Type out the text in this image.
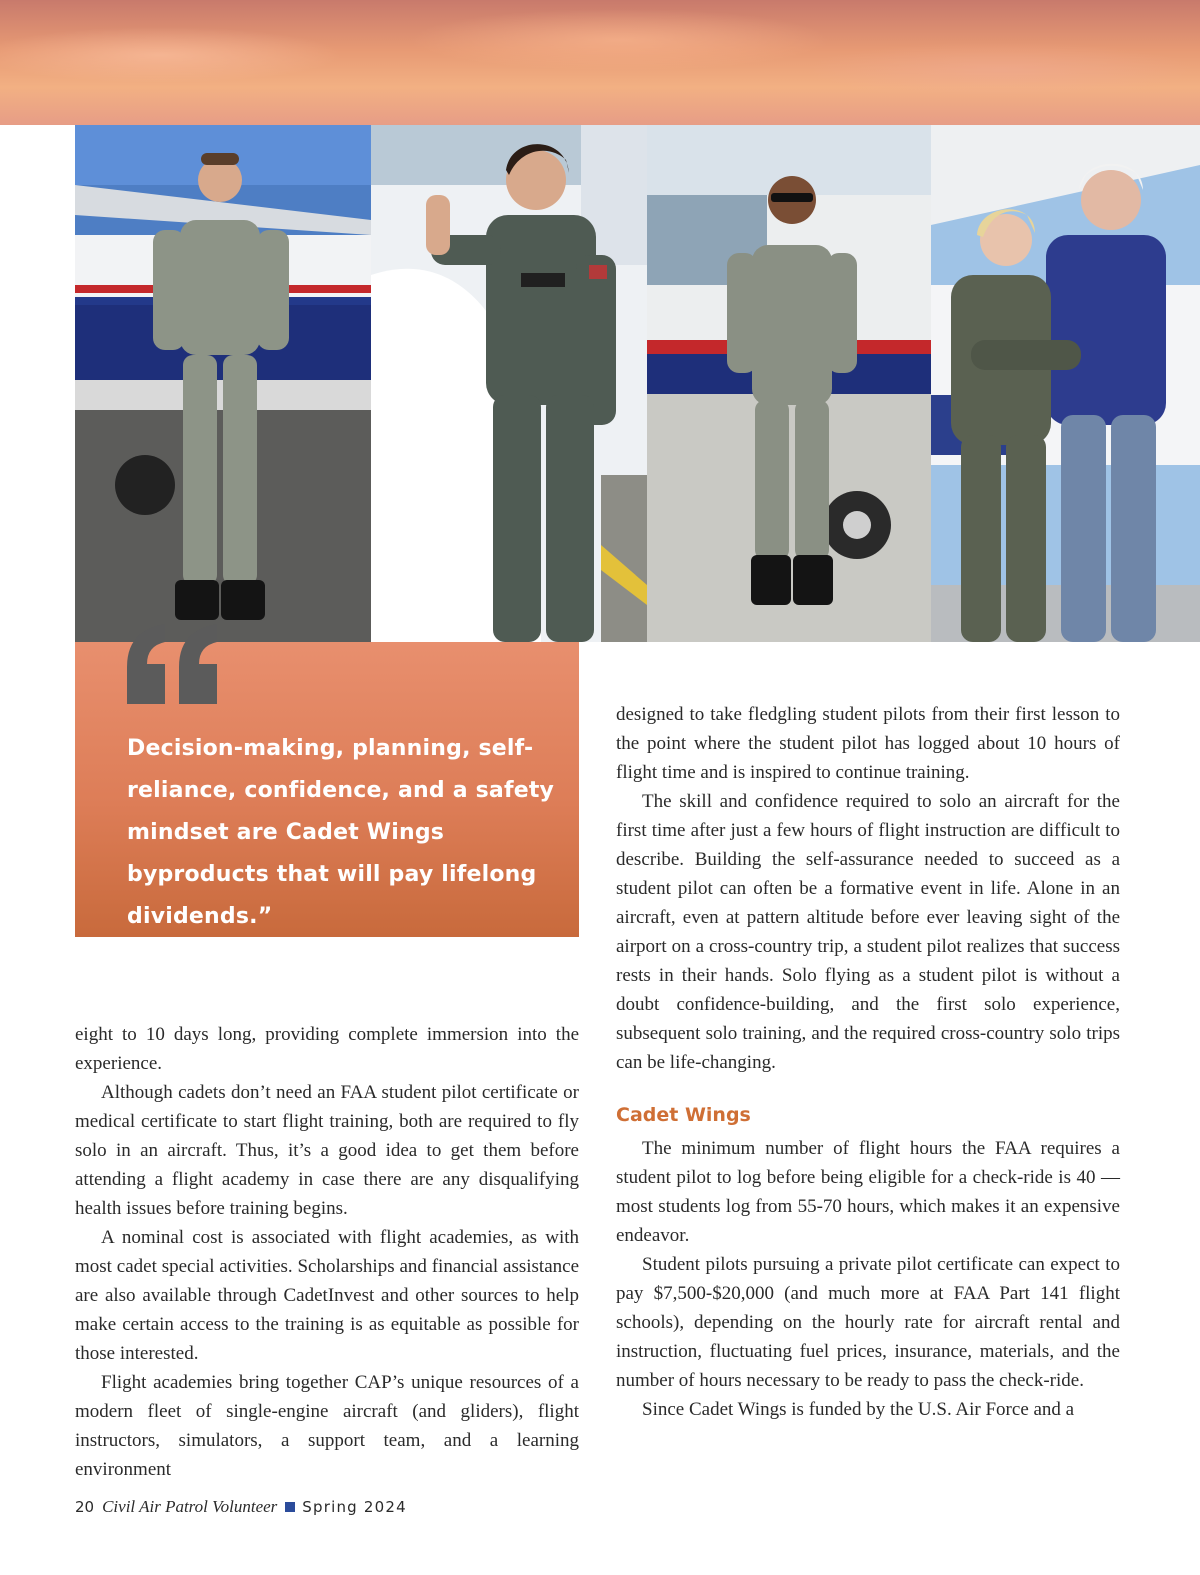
Decision-making, planning, self-reliance, confidence, and a safety mindset are Cadet Wings byproducts that will pay lifelong dividends.”

designed to take fledgling student pilots from their first lesson to the point where the student pilot has logged about 10 hours of flight time and is inspired to continue training.

The skill and confidence required to solo an aircraft for the first time after just a few hours of flight instruction are difficult to describe. Building the self-assurance needed to succeed as a student pilot can often be a formative event in life. Alone in an aircraft, even at pattern altitude before ever leaving sight of the airport on a cross-country trip, a student pilot realizes that success rests in their hands. Solo flying as a student pilot is without a doubt confidence-building, and the first solo experience, subsequent solo training, and the required cross-country solo trips can be life-changing.

Cadet Wings

The minimum number of flight hours the FAA requires a student pilot to log before being eligible for a check-ride is 40 — most students log from 55-70 hours, which makes it an expensive endeavor.

Student pilots pursuing a private pilot certificate can expect to pay $7,500-$20,000 (and much more at FAA Part 141 flight schools), depending on the hourly rate for aircraft rental and instruction, fluctuating fuel prices, insurance, materials, and the number of hours necessary to be ready to pass the check-ride.

Since Cadet Wings is funded by the U.S. Air Force and a

eight to 10 days long, providing complete immersion into the experience.

Although cadets don’t need an FAA student pilot certificate or medical certificate to start flight training, both are required to fly solo in an aircraft. Thus, it’s a good idea to get them before attending a flight academy in case there are any disqualifying health issues before training begins.

A nominal cost is associated with flight academies, as with most cadet special activities. Scholarships and financial assistance are also available through CadetInvest and other sources to help make certain access to the training is as equitable as possible for those interested.

Flight academies bring together CAP’s unique resources of a modern fleet of single-engine aircraft (and gliders), flight instructors, simulators, a support team, and a learning environment

20 Civil Air Patrol Volunteer Spring 2024
